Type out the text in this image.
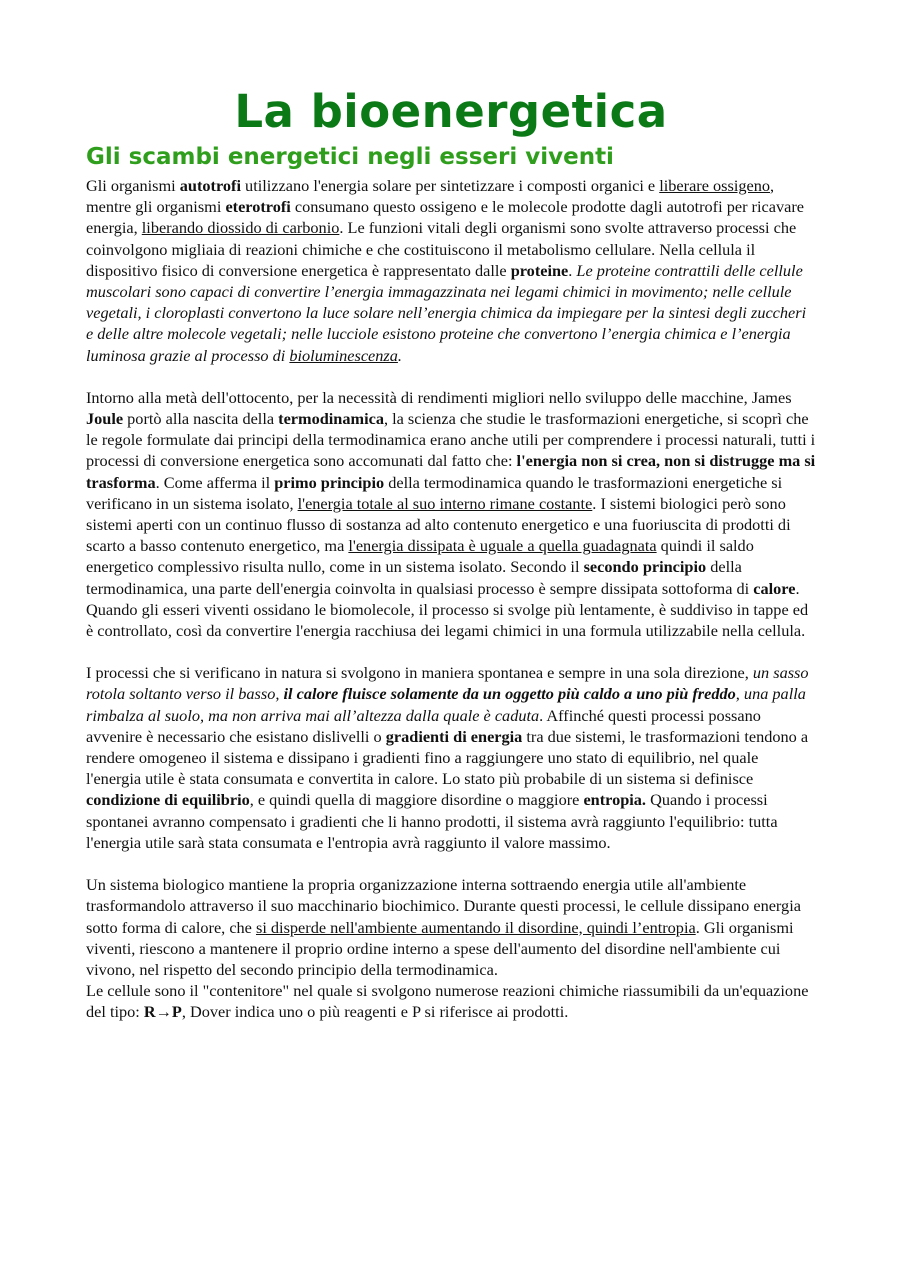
La bioenergetica
Gli scambi energetici negli esseri viventi

Gli organismi autotrofi utilizzano l'energia solare per sintetizzare i composti organici e liberare ossigeno, mentre gli organismi eterotrofi consumano questo ossigeno e le molecole prodotte dagli autotrofi per ricavare energia, liberando diossido di carbonio. Le funzioni vitali degli organismi sono svolte attraverso processi che coinvolgono migliaia di reazioni chimiche e che costituiscono il metabolismo cellulare. Nella cellula il dispositivo fisico di conversione energetica è rappresentato dalle proteine. Le proteine contrattili delle cellule muscolari sono capaci di convertire l’energia immagazzinata nei legami chimici in movimento; nelle cellule vegetali, i cloroplasti convertono la luce solare nell’energia chimica da impiegare per la sintesi degli zuccheri e delle altre molecole vegetali; nelle lucciole esistono proteine che convertono l’energia chimica e l’energia luminosa grazie al processo di bioluminescenza.

Intorno alla metà dell'ottocento, per la necessità di rendimenti migliori nello sviluppo delle macchine, James Joule portò alla nascita della termodinamica, la scienza che studie le trasformazioni energetiche, si scoprì che le regole formulate dai principi della termodinamica erano anche utili per comprendere i processi naturali, tutti i processi di conversione energetica sono accomunati dal fatto che: l'energia non si crea, non si distrugge ma si trasforma. Come afferma il primo principio della termodinamica quando le trasformazioni energetiche si verificano in un sistema isolato, l'energia totale al suo interno rimane costante. I sistemi biologici però sono sistemi aperti con un continuo flusso di sostanza ad alto contenuto energetico e una fuoriuscita di prodotti di scarto a basso contenuto energetico, ma l'energia dissipata è uguale a quella guadagnata quindi il saldo energetico complessivo risulta nullo, come in un sistema isolato. Secondo il secondo principio della termodinamica, una parte dell'energia coinvolta in qualsiasi processo è sempre dissipata sottoforma di calore.

Quando gli esseri viventi ossidano le biomolecole, il processo si svolge più lentamente, è suddiviso in tappe ed è controllato, così da convertire l'energia racchiusa dei legami chimici in una formula utilizzabile nella cellula.

I processi che si verificano in natura si svolgono in maniera spontanea e sempre in una sola direzione, un sasso rotola soltanto verso il basso, il calore fluisce solamente da un oggetto più caldo a uno più freddo, una palla rimbalza al suolo, ma non arriva mai all’altezza dalla quale è caduta. Affinché questi processi possano avvenire è necessario che esistano dislivelli o gradienti di energia tra due sistemi, le trasformazioni tendono a rendere omogeneo il sistema e dissipano i gradienti fino a raggiungere uno stato di equilibrio, nel quale l'energia utile è stata consumata e convertita in calore. Lo stato più probabile di un sistema si definisce condizione di equilibrio, e quindi quella di maggiore disordine o maggiore entropia. Quando i processi spontanei avranno compensato i gradienti che li hanno prodotti, il sistema avrà raggiunto l'equilibrio: tutta l'energia utile sarà stata consumata e l'entropia avrà raggiunto il valore massimo.

Un sistema biologico mantiene la propria organizzazione interna sottraendo energia utile all'ambiente trasformandolo attraverso il suo macchinario biochimico. Durante questi processi, le cellule dissipano energia sotto forma di calore, che si disperde nell'ambiente aumentando il disordine, quindi l’entropia. Gli organismi viventi, riescono a mantenere il proprio ordine interno a spese dell'aumento del disordine nell'ambiente cui vivono, nel rispetto del secondo principio della termodinamica.

Le cellule sono il "contenitore" nel quale si svolgono numerose reazioni chimiche riassumibili da un'equazione del tipo: R→P, Dover indica uno o più reagenti e P si riferisce ai prodotti.
